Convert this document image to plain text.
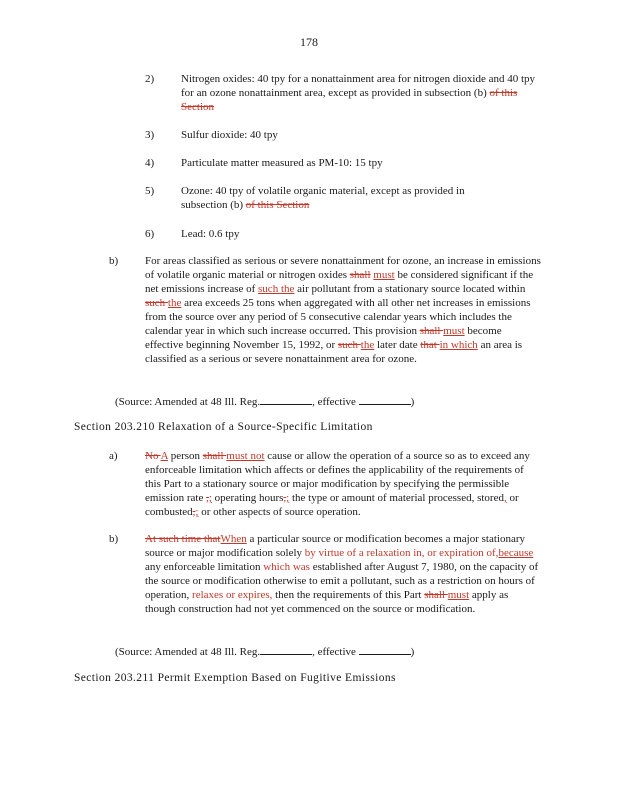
178
2) Nitrogen oxides: 40 tpy for a nonattainment area for nitrogen dioxide and 40 tpy for an ozone nonattainment area, except as provided in subsection (b) of this Section
3) Sulfur dioxide: 40 tpy
4) Particulate matter measured as PM-10: 15 tpy
5) Ozone: 40 tpy of volatile organic material, except as provided in subsection (b) of this Section
6) Lead: 0.6 tpy
b) For areas classified as serious or severe nonattainment for ozone, an increase in emissions of volatile organic material or nitrogen oxides shall must be considered significant if the net emissions increase of such the air pollutant from a stationary source located within such the area exceeds 25 tons when aggregated with all other net increases in emissions from the source over any period of 5 consecutive calendar years which includes the calendar year in which such increase occurred. This provision shall must become effective beginning November 15, 1992, or such the later date that in which an area is classified as a serious or severe nonattainment area for ozone.
(Source: Amended at 48 Ill. Reg.	, effective	)
Section 203.210 Relaxation of a Source-Specific Limitation
a) No A person shall must not cause or allow the operation of a source so as to exceed any enforceable limitation which affects or defines the applicability of the requirements of this Part to a stationary source or major modification by specifying the permissible emission rate ,; operating hours,; the type or amount of material processed, stored, or combusted,; or other aspects of source operation.
b) At such time thatWhen a particular source or modification becomes a major stationary source or major modification solely by virtue of a relaxation in, or expiration of,because any enforceable limitation which was established after August 7, 1980, on the capacity of the source or modification otherwise to emit a pollutant, such as a restriction on hours of operation, relaxes or expires, then the requirements of this Part shall must apply as though construction had not yet commenced on the source or modification.
(Source: Amended at 48 Ill. Reg.	, effective	)
Section 203.211 Permit Exemption Based on Fugitive Emissions
